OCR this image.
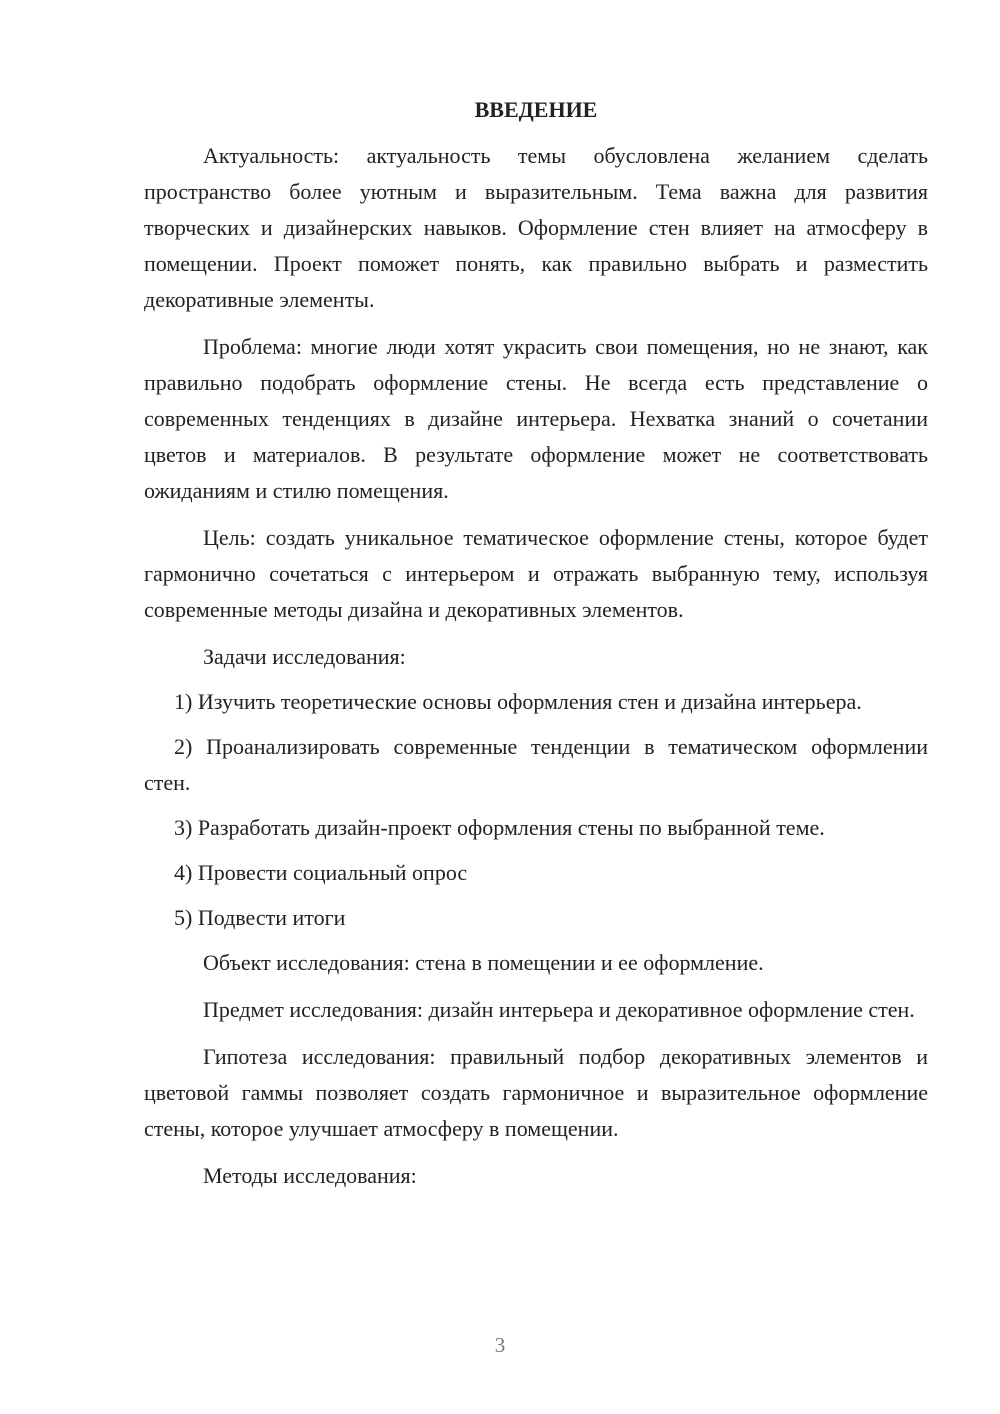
ВВЕДЕНИЕ

Актуальность: актуальность темы обусловлена желанием сделать пространство более уютным и выразительным. Тема важна для развития творческих и дизайнерских навыков. Оформление стен влияет на атмосферу в помещении. Проект поможет понять, как правильно выбрать и разместить декоративные элементы.

Проблема: многие люди хотят украсить свои помещения, но не знают, как правильно подобрать оформление стены. Не всегда есть представление о современных тенденциях в дизайне интерьера. Нехватка знаний о сочетании цветов и материалов. В результате оформление может не соответствовать ожиданиям и стилю помещения.

Цель: создать уникальное тематическое оформление стены, которое будет гармонично сочетаться с интерьером и отражать выбранную тему, используя современные методы дизайна и декоративных элементов.

Задачи исследования:

1) Изучить теоретические основы оформления стен и дизайна интерьера.

2) Проанализировать современные тенденции в тематическом оформлении стен.

3) Разработать дизайн-проект оформления стены по выбранной теме.

4) Провести социальный опрос

5) Подвести итоги

Объект исследования: стена в помещении и ее оформление.

Предмет исследования: дизайн интерьера и декоративное оформление стен.

Гипотеза исследования: правильный подбор декоративных элементов и цветовой гаммы позволяет создать гармоничное и выразительное оформление стены, которое улучшает атмосферу в помещении.

Методы исследования:

3
